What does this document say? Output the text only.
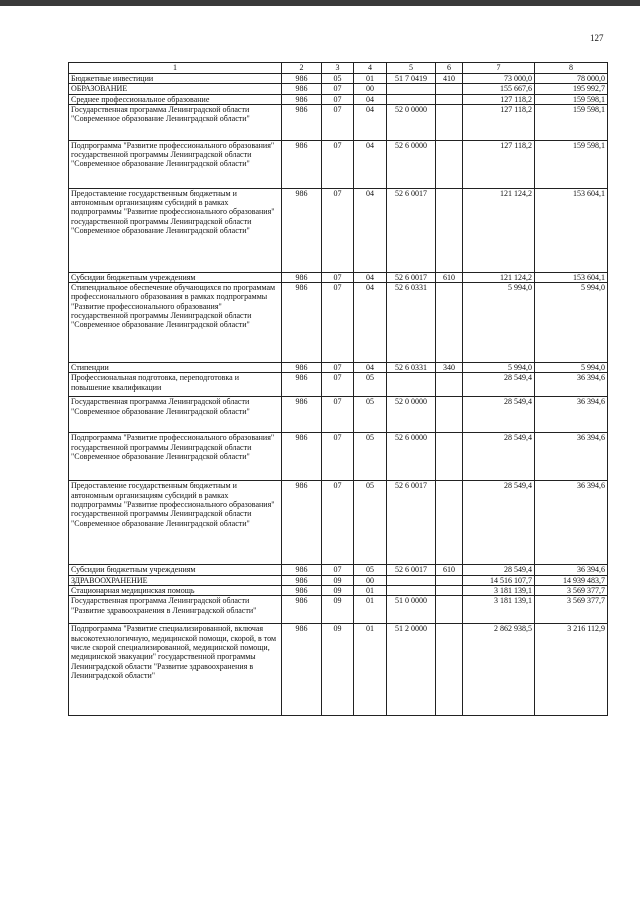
127
1	2	3	4	5	6	7	8
Бюджетные инвестиции	986	05	01	51 7 0419	410	73 000,0	78 000,0
ОБРАЗОВАНИЕ	986	07	00			155 667,6	195 992,7
Среднее профессиональное образование	986	07	04			127 118,2	159 598,1
Государственная программа Ленинградской области "Современное образование Ленинградской области"	986	07	04	52 0 0000		127 118,2	159 598,1
Подпрограмма "Развитие профессионального образования" государственной программы Ленинградской области "Современное образование Ленинградской области"	986	07	04	52 6 0000		127 118,2	159 598,1
Предоставление государственным бюджетным и автономным организациям субсидий в рамках подпрограммы "Развитие профессионального образования" государственной программы Ленинградской области "Современное образование Ленинградской области"	986	07	04	52 6 0017		121 124,2	153 604,1
Субсидии бюджетным учреждениям	986	07	04	52 6 0017	610	121 124,2	153 604,1
Стипендиальное обеспечение обучающихся по программам профессионального образования в рамках подпрограммы "Развитие профессионального образования" государственной программы Ленинградской области "Современное образование Ленинградской области"	986	07	04	52 6 0331		5 994,0	5 994,0
Стипендии	986	07	04	52 6 0331	340	5 994,0	5 994,0
Профессиональная подготовка, переподготовка и повышение квалификации	986	07	05			28 549,4	36 394,6
Государственная программа Ленинградской области "Современное образование Ленинградской области"	986	07	05	52 0 0000		28 549,4	36 394,6
Подпрограмма "Развитие профессионального образования" государственной программы Ленинградской области "Современное образование Ленинградской области"	986	07	05	52 6 0000		28 549,4	36 394,6
Предоставление государственным бюджетным и автономным организациям субсидий в рамках подпрограммы "Развитие профессионального образования" государственной программы Ленинградской области "Современное образование Ленинградской области"	986	07	05	52 6 0017		28 549,4	36 394,6
Субсидии бюджетным учреждениям	986	07	05	52 6 0017	610	28 549,4	36 394,6
ЗДРАВООХРАНЕНИЕ	986	09	00			14 516 107,7	14 939 483,7
Стационарная медицинская помощь	986	09	01			3 181 139,1	3 569 377,7
Государственная программа Ленинградской области "Развитие здравоохранения в Ленинградской области"	986	09	01	51 0 0000		3 181 139,1	3 569 377,7
Подпрограмма "Развитие специализированной, включая высокотехнологичную, медицинской помощи, скорой, в том числе скорой специализированной, медицинской помощи, медицинской эвакуации" государственной программы Ленинградской области "Развитие здравоохранения в Ленинградской области"	986	09	01	51 2 0000		2 862 938,5	3 216 112,9
